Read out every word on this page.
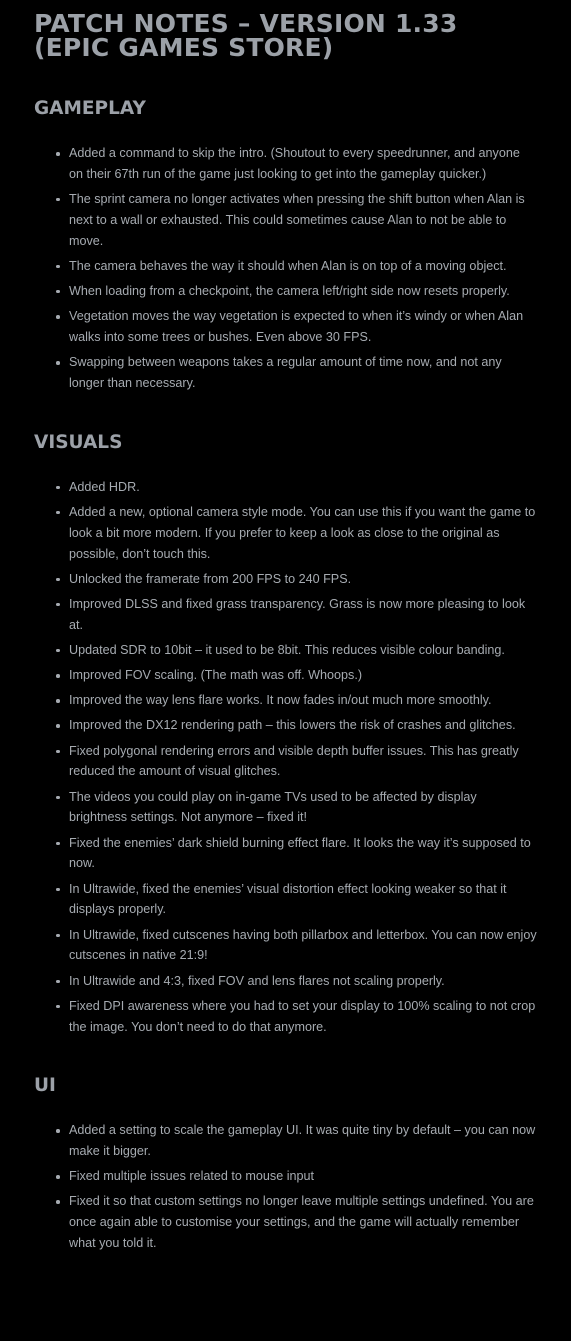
PATCH NOTES – VERSION 1.33 (EPIC GAMES STORE)
GAMEPLAY
Added a command to skip the intro. (Shoutout to every speedrunner, and anyone on their 67th run of the game just looking to get into the gameplay quicker.)
The sprint camera no longer activates when pressing the shift button when Alan is next to a wall or exhausted. This could sometimes cause Alan to not be able to move.
The camera behaves the way it should when Alan is on top of a moving object.
When loading from a checkpoint, the camera left/right side now resets properly.
Vegetation moves the way vegetation is expected to when it’s windy or when Alan walks into some trees or bushes. Even above 30 FPS.
Swapping between weapons takes a regular amount of time now, and not any longer than necessary.
VISUALS
Added HDR.
Added a new, optional camera style mode. You can use this if you want the game to look a bit more modern. If you prefer to keep a look as close to the original as possible, don’t touch this.
Unlocked the framerate from 200 FPS to 240 FPS.
Improved DLSS and fixed grass transparency. Grass is now more pleasing to look at.
Updated SDR to 10bit – it used to be 8bit. This reduces visible colour banding.
Improved FOV scaling. (The math was off. Whoops.)
Improved the way lens flare works. It now fades in/out much more smoothly.
Improved the DX12 rendering path – this lowers the risk of crashes and glitches.
Fixed polygonal rendering errors and visible depth buffer issues. This has greatly reduced the amount of visual glitches.
The videos you could play on in-game TVs used to be affected by display brightness settings. Not anymore – fixed it!
Fixed the enemies’ dark shield burning effect flare. It looks the way it’s supposed to now.
In Ultrawide, fixed the enemies’ visual distortion effect looking weaker so that it displays properly.
In Ultrawide, fixed cutscenes having both pillarbox and letterbox. You can now enjoy cutscenes in native 21:9!
In Ultrawide and 4:3, fixed FOV and lens flares not scaling properly.
Fixed DPI awareness where you had to set your display to 100% scaling to not crop the image. You don’t need to do that anymore.
UI
Added a setting to scale the gameplay UI. It was quite tiny by default – you can now make it bigger.
Fixed multiple issues related to mouse input
Fixed it so that custom settings no longer leave multiple settings undefined. You are once again able to customise your settings, and the game will actually remember what you told it.
